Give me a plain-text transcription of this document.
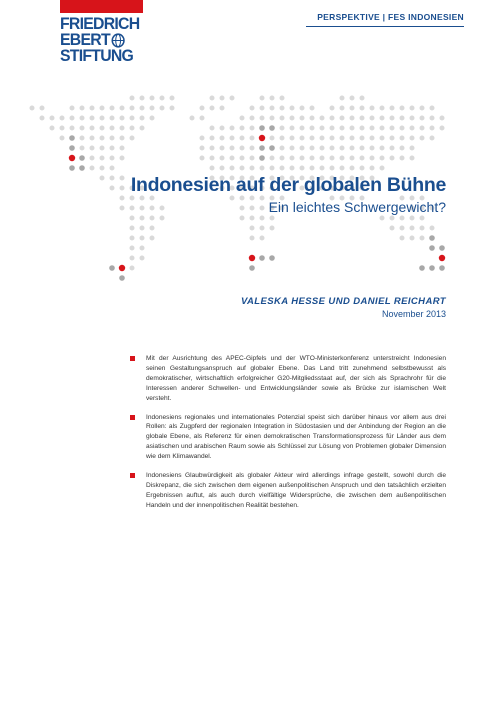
FRIEDRICH
EBERT
STIFTUNG
PERSPEKTIVE | FES INDONESIEN
Indonesien auf der globalen Bühne
Ein leichtes Schwergewicht?
VALESKA HESSE UND DANIEL REICHART
November 2013
Mit der Ausrichtung des APEC-Gipfels und der WTO-Ministerkonferenz unterstreicht Indonesien seinen Gestaltungsanspruch auf globaler Ebene. Das Land tritt zunehmend selbstbewusst als demokratischer, wirtschaftlich erfolgreicher G20-Mitgliedsstaat auf, der sich als Sprachrohr für die Interessen anderer Schwellen- und Entwicklungsländer sowie als Brücke zur islamischen Welt versteht.
Indonesiens regionales und internationales Potenzial speist sich darüber hinaus vor allem aus drei Rollen: als Zugpferd der regionalen Integration in Südostasien und der Anbindung der Region an die globale Ebene, als Referenz für einen demokratischen Transformationsprozess für Länder aus dem asiatischen und arabischen Raum sowie als Schlüssel zur Lösung von Problemen globaler Dimension wie dem Klimawandel.
Indonesiens Glaubwürdigkeit als globaler Akteur wird allerdings infrage gestellt, sowohl durch die Diskrepanz, die sich zwischen dem eigenen außenpolitischen Anspruch und den tatsächlich erzielten Ergebnissen auftut, als auch durch vielfältige Widersprüche, die zwischen dem außenpolitischen Handeln und der innenpolitischen Realität bestehen.
